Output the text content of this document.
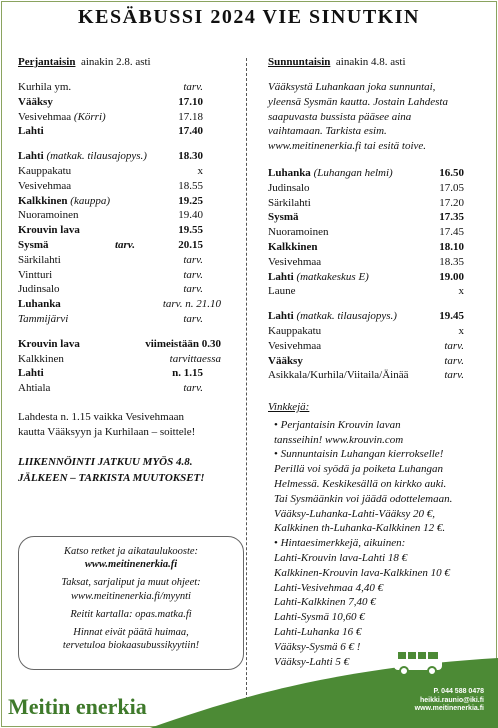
KESÄBUSSI 2024 VIE SINUTKIN
Perjantaisin ainakin 2.8. asti
Kurhila ym.	tarv.
Vääksy	17.10
Vesivehmaa (Körri)	17.18
Lahti	17.40
Lahti (matkak. tilausajopys.)	18.30
Kauppakatu	x
Vesivehmaa	18.55
Kalkkinen (kauppa)	19.25
Nuoramoinen	19.40
Krouvin lava	19.55
Sysmä	tarv.	20.15
Särkilahti	tarv.
Vintturi	tarv.
Judinsalo	tarv.
Luhanka	tarv. n. 21.10
Tammijärvi	tarv.
Krouvin lava	viimeistään 0.30
Kalkkinen	tarvittaessa
Lahti	n. 1.15
Ahtiala	tarv.
Lahdesta n. 1.15 vaikka Vesivehmaan
kautta Vääksyyn ja Kurhilaan – soittele!
LIIKENNÖINTI JATKUU MYÖS 4.8.
JÄLKEEN – TARKISTA MUUTOKSET!
Sunnuntaisin ainakin 4.8. asti
Vääksystä Luhankaan joka sunnuntai,
yleensä Sysmän kautta. Jostain Lahdesta
saapuvasta bussista pääsee aina
vaihtamaan. Tarkista esim.
www.meitinenerkia.fi tai esitä toive.
Luhanka (Luhangan helmi)	16.50
Judinsalo	17.05
Särkilahti	17.20
Sysmä	17.35
Nuoramoinen	17.45
Kalkkinen	18.10
Vesivehmaa	18.35
Lahti (matkakeskus E)	19.00
Laune	x
Lahti (matkak. tilausajopys.)	19.45
Kauppakatu	x
Vesivehmaa	tarv.
Vääksy	tarv.
Asikkala/Kurhila/Viitaila/Äinää	tarv.

Katso retket ja aikataulukooste:
www.meitinenerkia.fi

Taksat, sarjaliput ja muut ohjeet:
www.meitinenerkia.fi/myynti

Reitit kartalla: opas.matka.fi

Hinnat eivät päätä huimaa,
tervetuloa biokaasubussikyytiin!

Vinkkejä:
• Perjantaisin Krouvin lavan
tansseihin! www.krouvin.com
• Sunnuntaisin Luhangan kierrokselle!
Perillä voi syödä ja poiketa Luhangan
Helmessä. Keskikesällä on kirkko auki.
Tai Sysmäänkin voi jäädä odottelemaan.
Vääksy-Luhanka-Lahti-Vääksy 20 €,
Kalkkinen th-Luhanka-Kalkkinen 12 €.
• Hintaesimerkkejä, aikuinen:
Lahti-Krouvin lava-Lahti 18 €
Kalkkinen-Krouvin lava-Kalkkinen 10 €
Lahti-Vesivehmaa 4,40 €
Lahti-Kalkkinen 7,40 €
Lahti-Sysmä 10,60 €
Lahti-Luhanka 16 €
Vääksy-Sysmä 6 € !
Vääksy-Lahti 5 €
Meitin enerkia
P. 044 588 0478
heikki.raunio@iki.fi
www.meitinenerkia.fi
